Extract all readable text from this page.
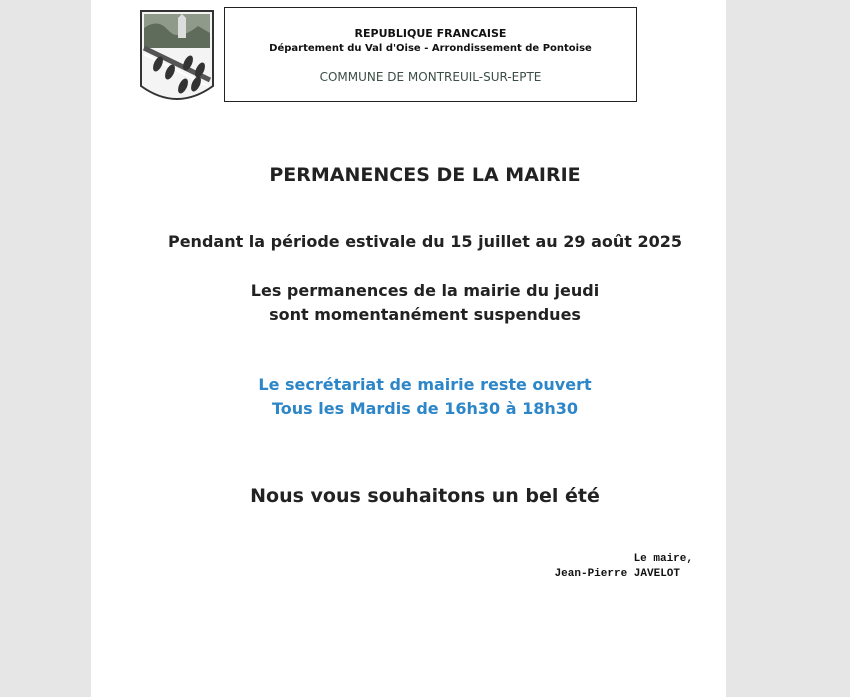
REPUBLIQUE FRANCAISE
Département du Val d'Oise - Arrondissement de Pontoise
COMMUNE DE MONTREUIL-SUR-EPTE
PERMANENCES DE LA MAIRIE
Pendant la période estivale du 15 juillet au 29 août 2025
Les permanences de la mairie du jeudi
sont momentanément suspendues
Le secrétariat de mairie reste ouvert
Tous les Mardis de 16h30 à 18h30
Nous vous souhaitons un bel été
Le maire,
Jean-Pierre JAVELOT
